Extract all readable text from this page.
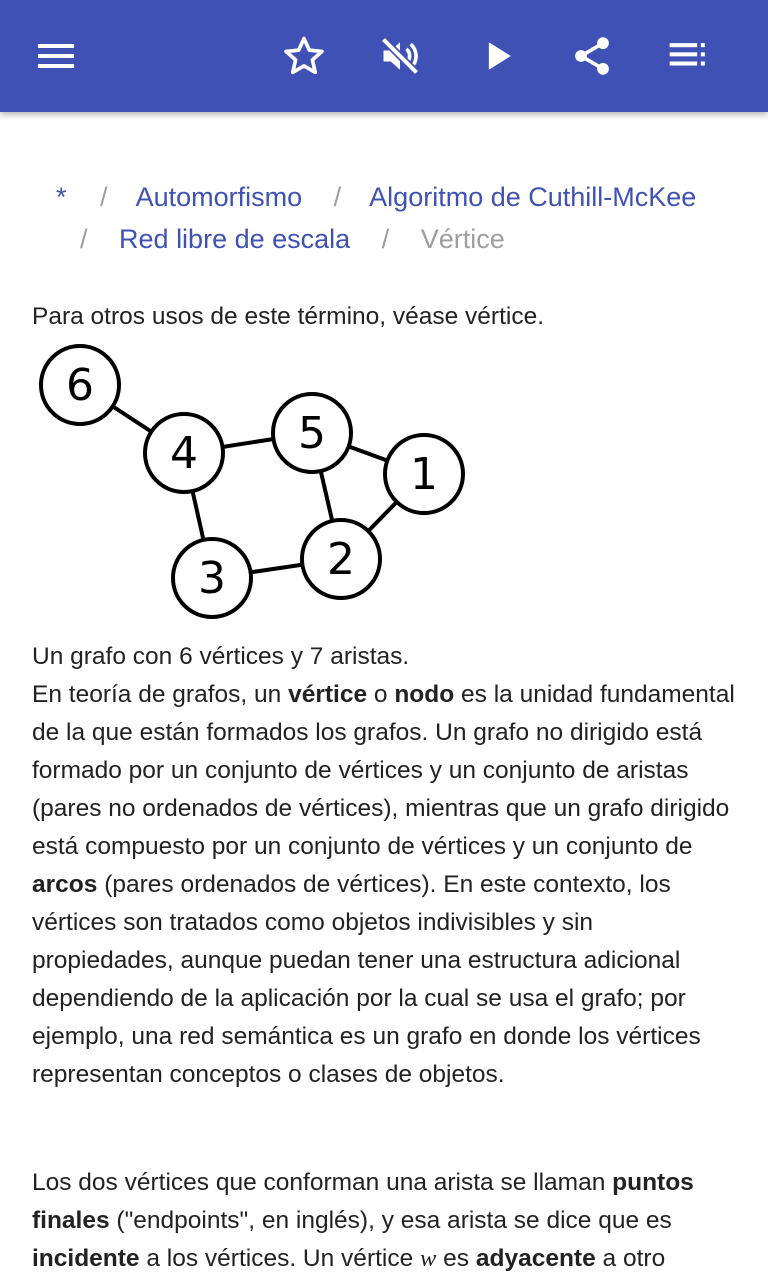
* / Automorfismo / Algoritmo de Cuthill-McKee
/ Red libre de escala / Vértice

Para otros usos de este término, véase vértice.

6
4 5
1
2
3

Un grafo con 6 vértices y 7 aristas.

En teoría de grafos, un vértice o nodo es la unidad fundamental de la que están formados los grafos. Un grafo no dirigido está formado por un conjunto de vértices y un conjunto de aristas (pares no ordenados de vértices), mientras que un grafo dirigido está compuesto por un conjunto de vértices y un conjunto de arcos (pares ordenados de vértices). En este contexto, los vértices son tratados como objetos indivisibles y sin propiedades, aunque puedan tener una estructura adicional dependiendo de la aplicación por la cual se usa el grafo; por ejemplo, una red semántica es un grafo en donde los vértices representan conceptos o clases de objetos.

Los dos vértices que conforman una arista se llaman puntos finales ("endpoints", en inglés), y esa arista se dice que es incidente a los vértices. Un vértice w es adyacente a otro
